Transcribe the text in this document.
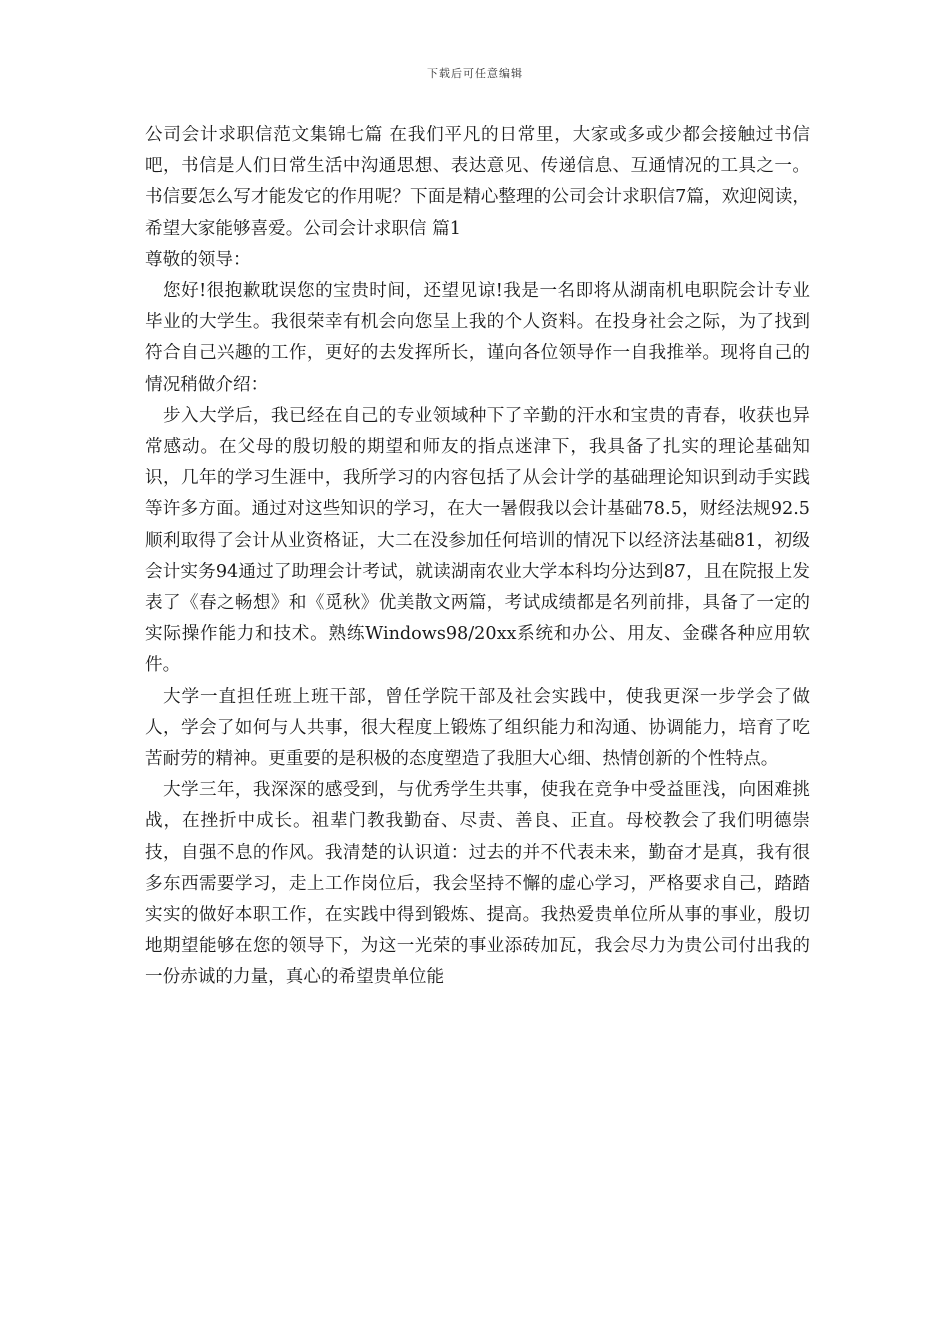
下载后可任意编辑

公司会计求职信范文集锦七篇 在我们平凡的日常里，大家或多或少都会接触过书信吧，书信是人们日常生活中沟通思想、表达意见、传递信息、互通情况的工具之一。书信要怎么写才能发它的作用呢？下面是精心整理的公司会计求职信7篇，欢迎阅读，希望大家能够喜爱。公司会计求职信 篇1

尊敬的领导：

您好!很抱歉耽误您的宝贵时间，还望见谅!我是一名即将从湖南机电职院会计专业毕业的大学生。我很荣幸有机会向您呈上我的个人资料。在投身社会之际，为了找到符合自己兴趣的工作，更好的去发挥所长，谨向各位领导作一自我推举。现将自己的情况稍做介绍：

步入大学后，我已经在自己的专业领域种下了辛勤的汗水和宝贵的青春，收获也异常感动。在父母的殷切般的期望和师友的指点迷津下，我具备了扎实的理论基础知识，几年的学习生涯中，我所学习的内容包括了从会计学的基础理论知识到动手实践等许多方面。通过对这些知识的学习，在大一暑假我以会计基础78.5，财经法规92.5顺利取得了会计从业资格证，大二在没参加任何培训的情况下以经济法基础81，初级会计实务94通过了助理会计考试，就读湖南农业大学本科均分达到87，且在院报上发表了《春之畅想》和《觅秋》优美散文两篇，考试成绩都是名列前排，具备了一定的实际操作能力和技术。熟练Windows98/20xx系统和办公、用友、金碟各种应用软件。

大学一直担任班上班干部，曾任学院干部及社会实践中，使我更深一步学会了做人，学会了如何与人共事，很大程度上锻炼了组织能力和沟通、协调能力，培育了吃苦耐劳的精神。更重要的是积极的态度塑造了我胆大心细、热情创新的个性特点。

大学三年，我深深的感受到，与优秀学生共事，使我在竞争中受益匪浅，向困难挑战，在挫折中成长。祖辈门教我勤奋、尽责、善良、正直。母校教会了我们明德崇技，自强不息的作风。我清楚的认识道：过去的并不代表未来，勤奋才是真，我有很多东西需要学习，走上工作岗位后，我会坚持不懈的虚心学习，严格要求自己，踏踏实实的做好本职工作，在实践中得到锻炼、提高。我热爱贵单位所从事的事业，殷切地期望能够在您的领导下，为这一光荣的事业添砖加瓦，我会尽力为贵公司付出我的一份赤诚的力量，真心的希望贵单位能
